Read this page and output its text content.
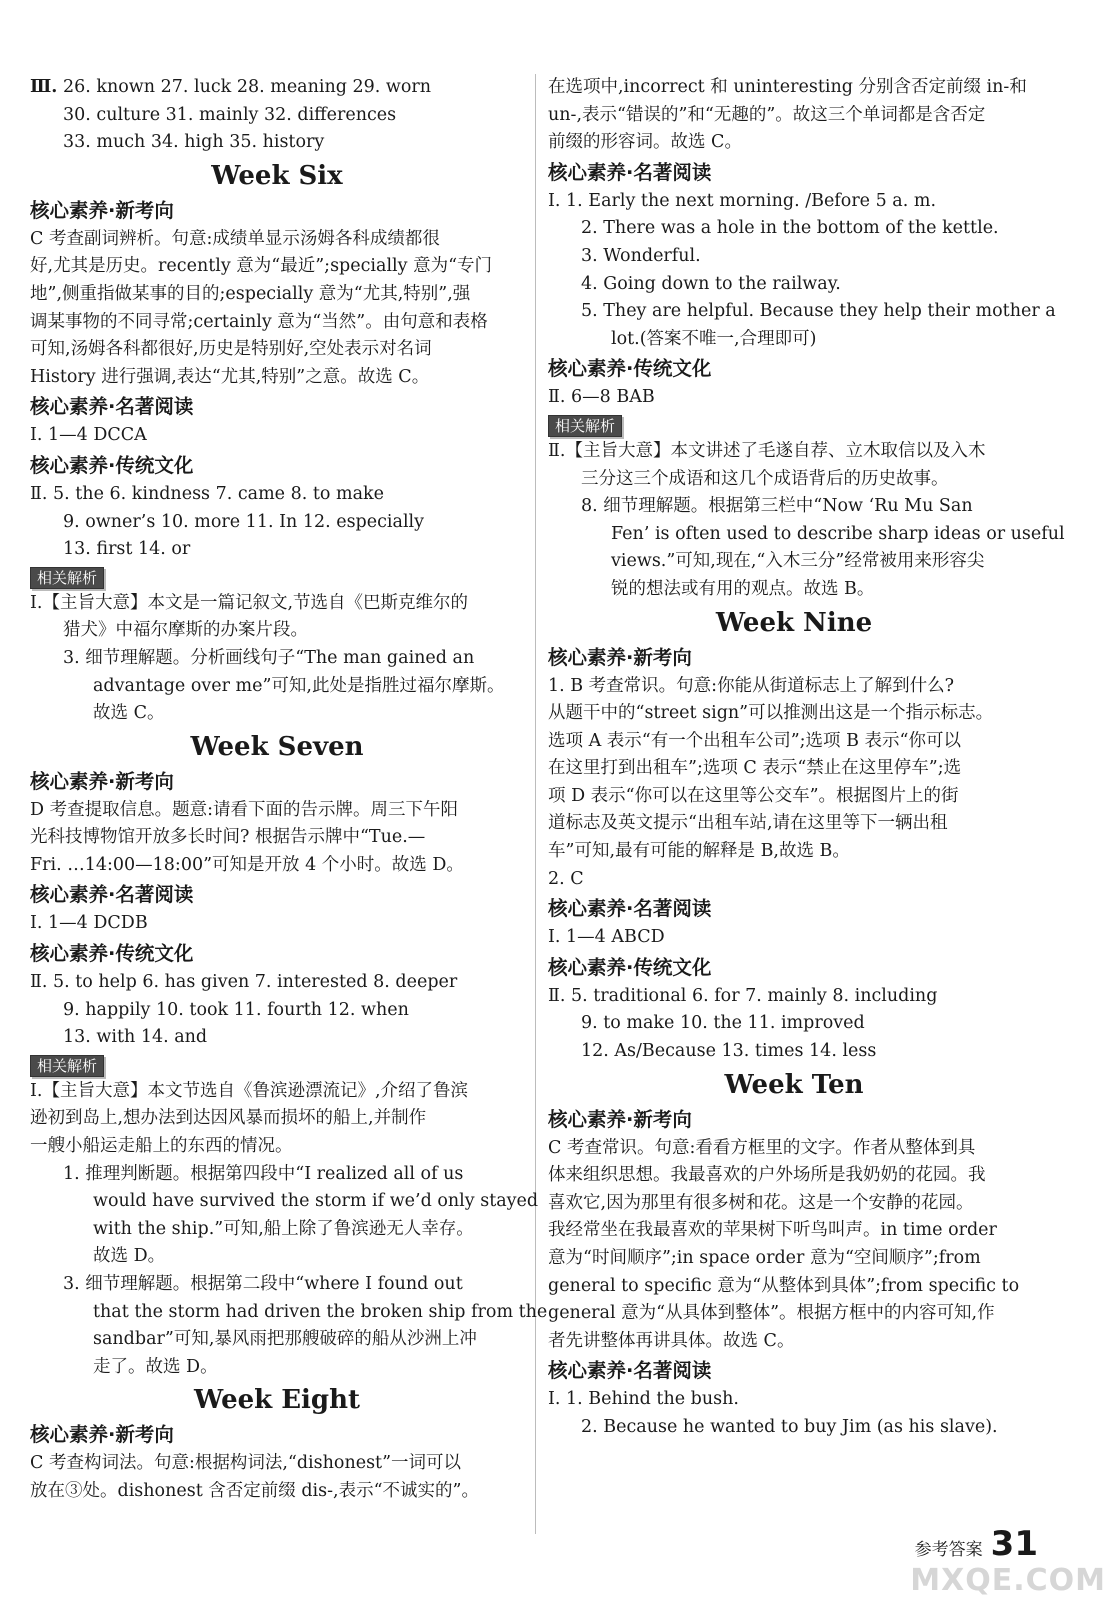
Ⅲ. 26. known 27. luck 28. meaning 29. worn
30. culture 31. mainly 32. differences
33. much 34. high 35. history
Week Six
核心素养·新考向
C 考查副词辨析。句意:成绩单显示汤姆各科成绩都很
好,尤其是历史。recently 意为“最近”;specially 意为“专门
地”,侧重指做某事的目的;especially 意为“尤其,特别”,强
调某事物的不同寻常;certainly 意为“当然”。由句意和表格
可知,汤姆各科都很好,历史是特别好,空处表示对名词
History 进行强调,表达“尤其,特别”之意。故选 C。
核心素养·名著阅读
Ⅰ. 1—4 DCCA
核心素养·传统文化
Ⅱ. 5. the 6. kindness 7. came 8. to make
9. owner’s 10. more 11. In 12. especially
13. first 14. or
相关解析
Ⅰ.【主旨大意】本文是一篇记叙文,节选自《巴斯克维尔的
猎犬》中福尔摩斯的办案片段。
3. 细节理解题。分析画线句子“The man gained an
advantage over me”可知,此处是指胜过福尔摩斯。
故选 C。
Week Seven
核心素养·新考向
D 考查提取信息。题意:请看下面的告示牌。周三下午阳
光科技博物馆开放多长时间? 根据告示牌中“Tue.—
Fri. …14:00—18:00”可知是开放 4 个小时。故选 D。
核心素养·名著阅读
Ⅰ. 1—4 DCDB
核心素养·传统文化
Ⅱ. 5. to help 6. has given 7. interested 8. deeper
9. happily 10. took 11. fourth 12. when
13. with 14. and
相关解析
Ⅰ.【主旨大意】本文节选自《鲁滨逊漂流记》,介绍了鲁滨
逊初到岛上,想办法到达因风暴而损坏的船上,并制作
一艘小船运走船上的东西的情况。
1. 推理判断题。根据第四段中“I realized all of us
would have survived the storm if we’d only stayed
with the ship.”可知,船上除了鲁滨逊无人幸存。
故选 D。
3. 细节理解题。根据第二段中“where I found out
that the storm had driven the broken ship from the
sandbar”可知,暴风雨把那艘破碎的船从沙洲上冲
走了。故选 D。
Week Eight
核心素养·新考向
C 考查构词法。句意:根据构词法,“dishonest”一词可以
放在③处。dishonest 含否定前缀 dis-,表示“不诚实的”。
在选项中,incorrect 和 uninteresting 分别含否定前缀 in-和
un-,表示“错误的”和“无趣的”。故这三个单词都是含否定
前缀的形容词。故选 C。
核心素养·名著阅读
Ⅰ. 1. Early the next morning. /Before 5 a. m.
2. There was a hole in the bottom of the kettle.
3. Wonderful.
4. Going down to the railway.
5. They are helpful. Because they help their mother a
lot.(答案不唯一,合理即可)
核心素养·传统文化
Ⅱ. 6—8 BAB
相关解析
Ⅱ.【主旨大意】本文讲述了毛遂自荐、立木取信以及入木
三分这三个成语和这几个成语背后的历史故事。
8. 细节理解题。根据第三栏中“Now ‘Ru Mu San
Fen’ is often used to describe sharp ideas or useful
views.”可知,现在,“入木三分”经常被用来形容尖
锐的想法或有用的观点。故选 B。
Week Nine
核心素养·新考向
1. B 考查常识。句意:你能从街道标志上了解到什么?
从题干中的“street sign”可以推测出这是一个指示标志。
选项 A 表示“有一个出租车公司”;选项 B 表示“你可以
在这里打到出租车”;选项 C 表示“禁止在这里停车”;选
项 D 表示“你可以在这里等公交车”。根据图片上的街
道标志及英文提示“出租车站,请在这里等下一辆出租
车”可知,最有可能的解释是 B,故选 B。
2. C
核心素养·名著阅读
Ⅰ. 1—4 ABCD
核心素养·传统文化
Ⅱ. 5. traditional 6. for 7. mainly 8. including
9. to make 10. the 11. improved
12. As/Because 13. times 14. less
Week Ten
核心素养·新考向
C 考查常识。句意:看看方框里的文字。作者从整体到具
体来组织思想。我最喜欢的户外场所是我奶奶的花园。我
喜欢它,因为那里有很多树和花。这是一个安静的花园。
我经常坐在我最喜欢的苹果树下听鸟叫声。in time order
意为“时间顺序”;in space order 意为“空间顺序”;from
general to specific 意为“从整体到具体”;from specific to
general 意为“从具体到整体”。根据方框中的内容可知,作
者先讲整体再讲具体。故选 C。
核心素养·名著阅读
Ⅰ. 1. Behind the bush.
2. Because he wanted to buy Jim (as his slave).
参考答案 31
MXQE.COM
